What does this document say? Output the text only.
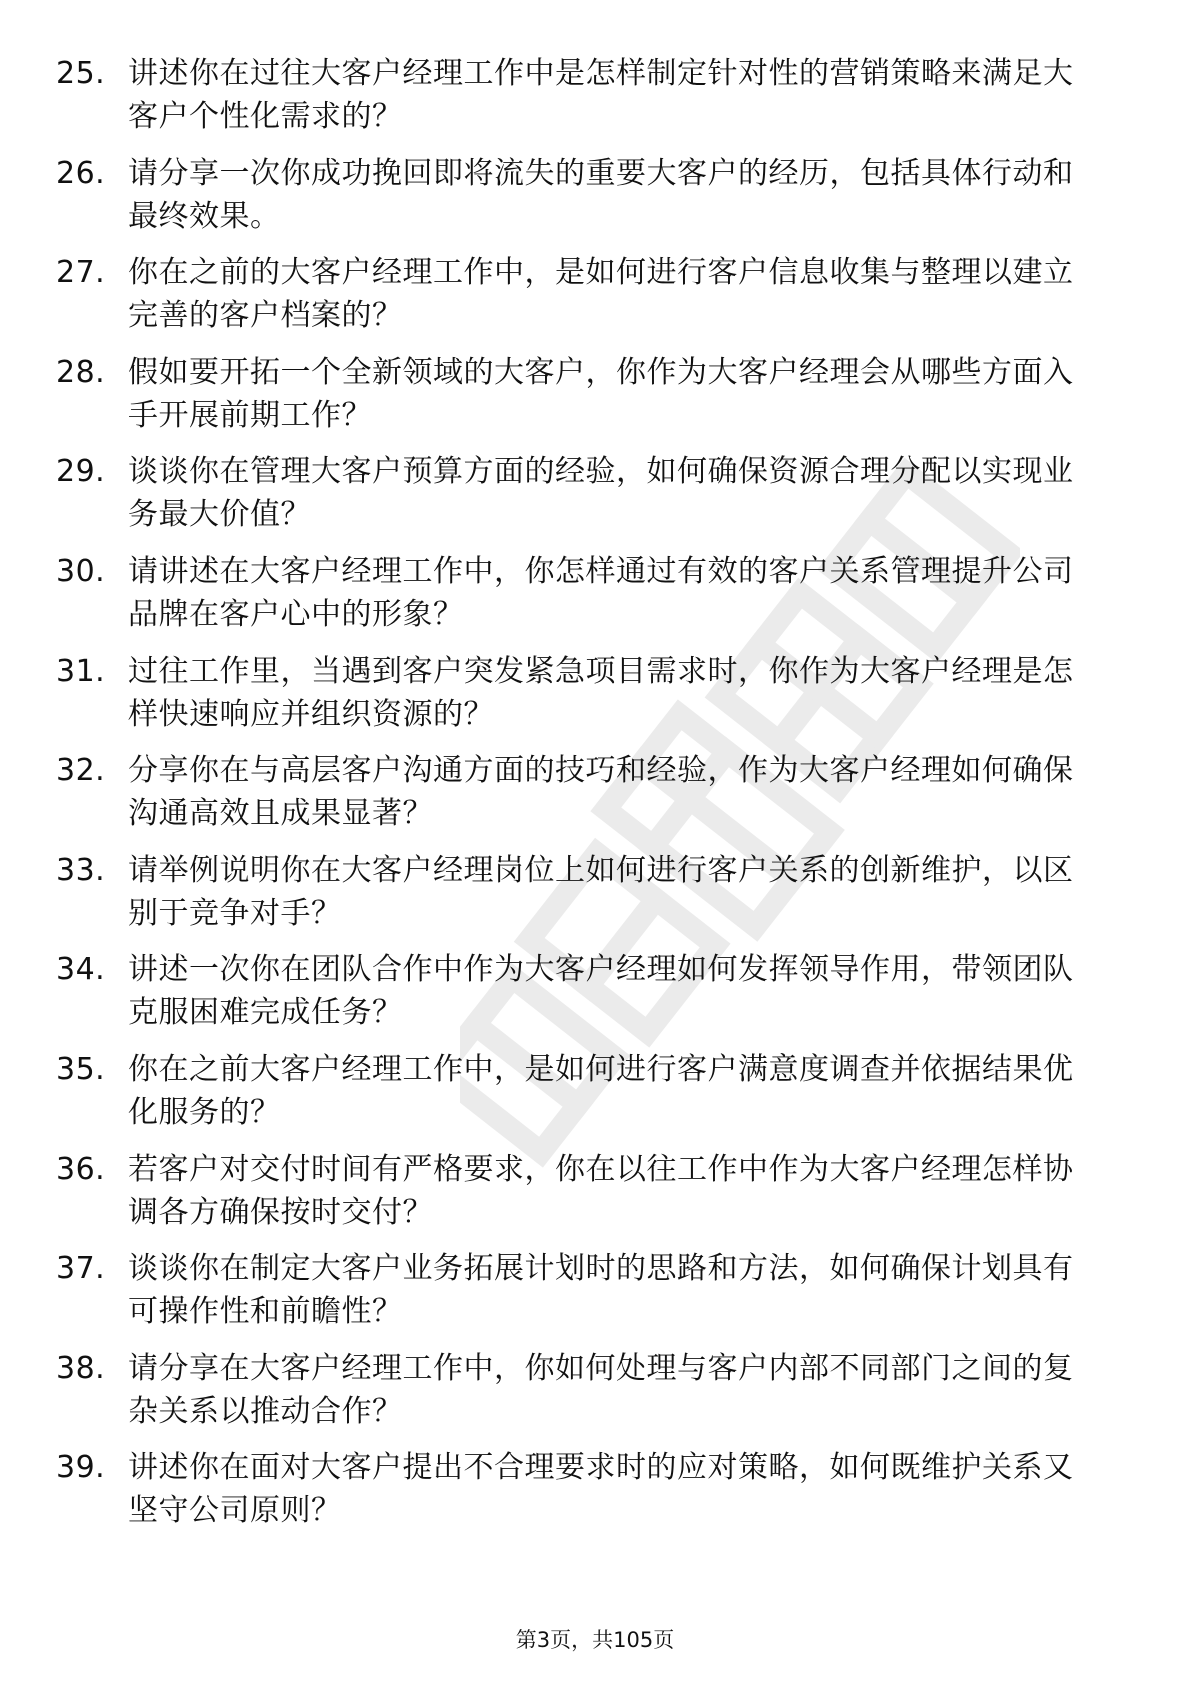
25. 讲述你在过往大客户经理工作中是怎样制定针对性的营销策略来满足大客户个性化需求的？
26. 请分享一次你成功挽回即将流失的重要大客户的经历，包括具体行动和最终效果。
27. 你在之前的大客户经理工作中，是如何进行客户信息收集与整理以建立完善的客户档案的？
28. 假如要开拓一个全新领域的大客户，你作为大客户经理会从哪些方面入手开展前期工作？
29. 谈谈你在管理大客户预算方面的经验，如何确保资源合理分配以实现业务最大价值？
30. 请讲述在大客户经理工作中，你怎样通过有效的客户关系管理提升公司品牌在客户心中的形象？
31. 过往工作里，当遇到客户突发紧急项目需求时，你作为大客户经理是怎样快速响应并组织资源的？
32. 分享你在与高层客户沟通方面的技巧和经验，作为大客户经理如何确保沟通高效且成果显著？
33. 请举例说明你在大客户经理岗位上如何进行客户关系的创新维护，以区别于竞争对手？
34. 讲述一次你在团队合作中作为大客户经理如何发挥领导作用，带领团队克服困难完成任务？
35. 你在之前大客户经理工作中，是如何进行客户满意度调查并依据结果优化服务的？
36. 若客户对交付时间有严格要求，你在以往工作中作为大客户经理怎样协调各方确保按时交付？
37. 谈谈你在制定大客户业务拓展计划时的思路和方法，如何确保计划具有可操作性和前瞻性？
38. 请分享在大客户经理工作中，你如何处理与客户内部不同部门之间的复杂关系以推动合作？
39. 讲述你在面对大客户提出不合理要求时的应对策略，如何既维护关系又坚守公司原则？
第3页，共105页
